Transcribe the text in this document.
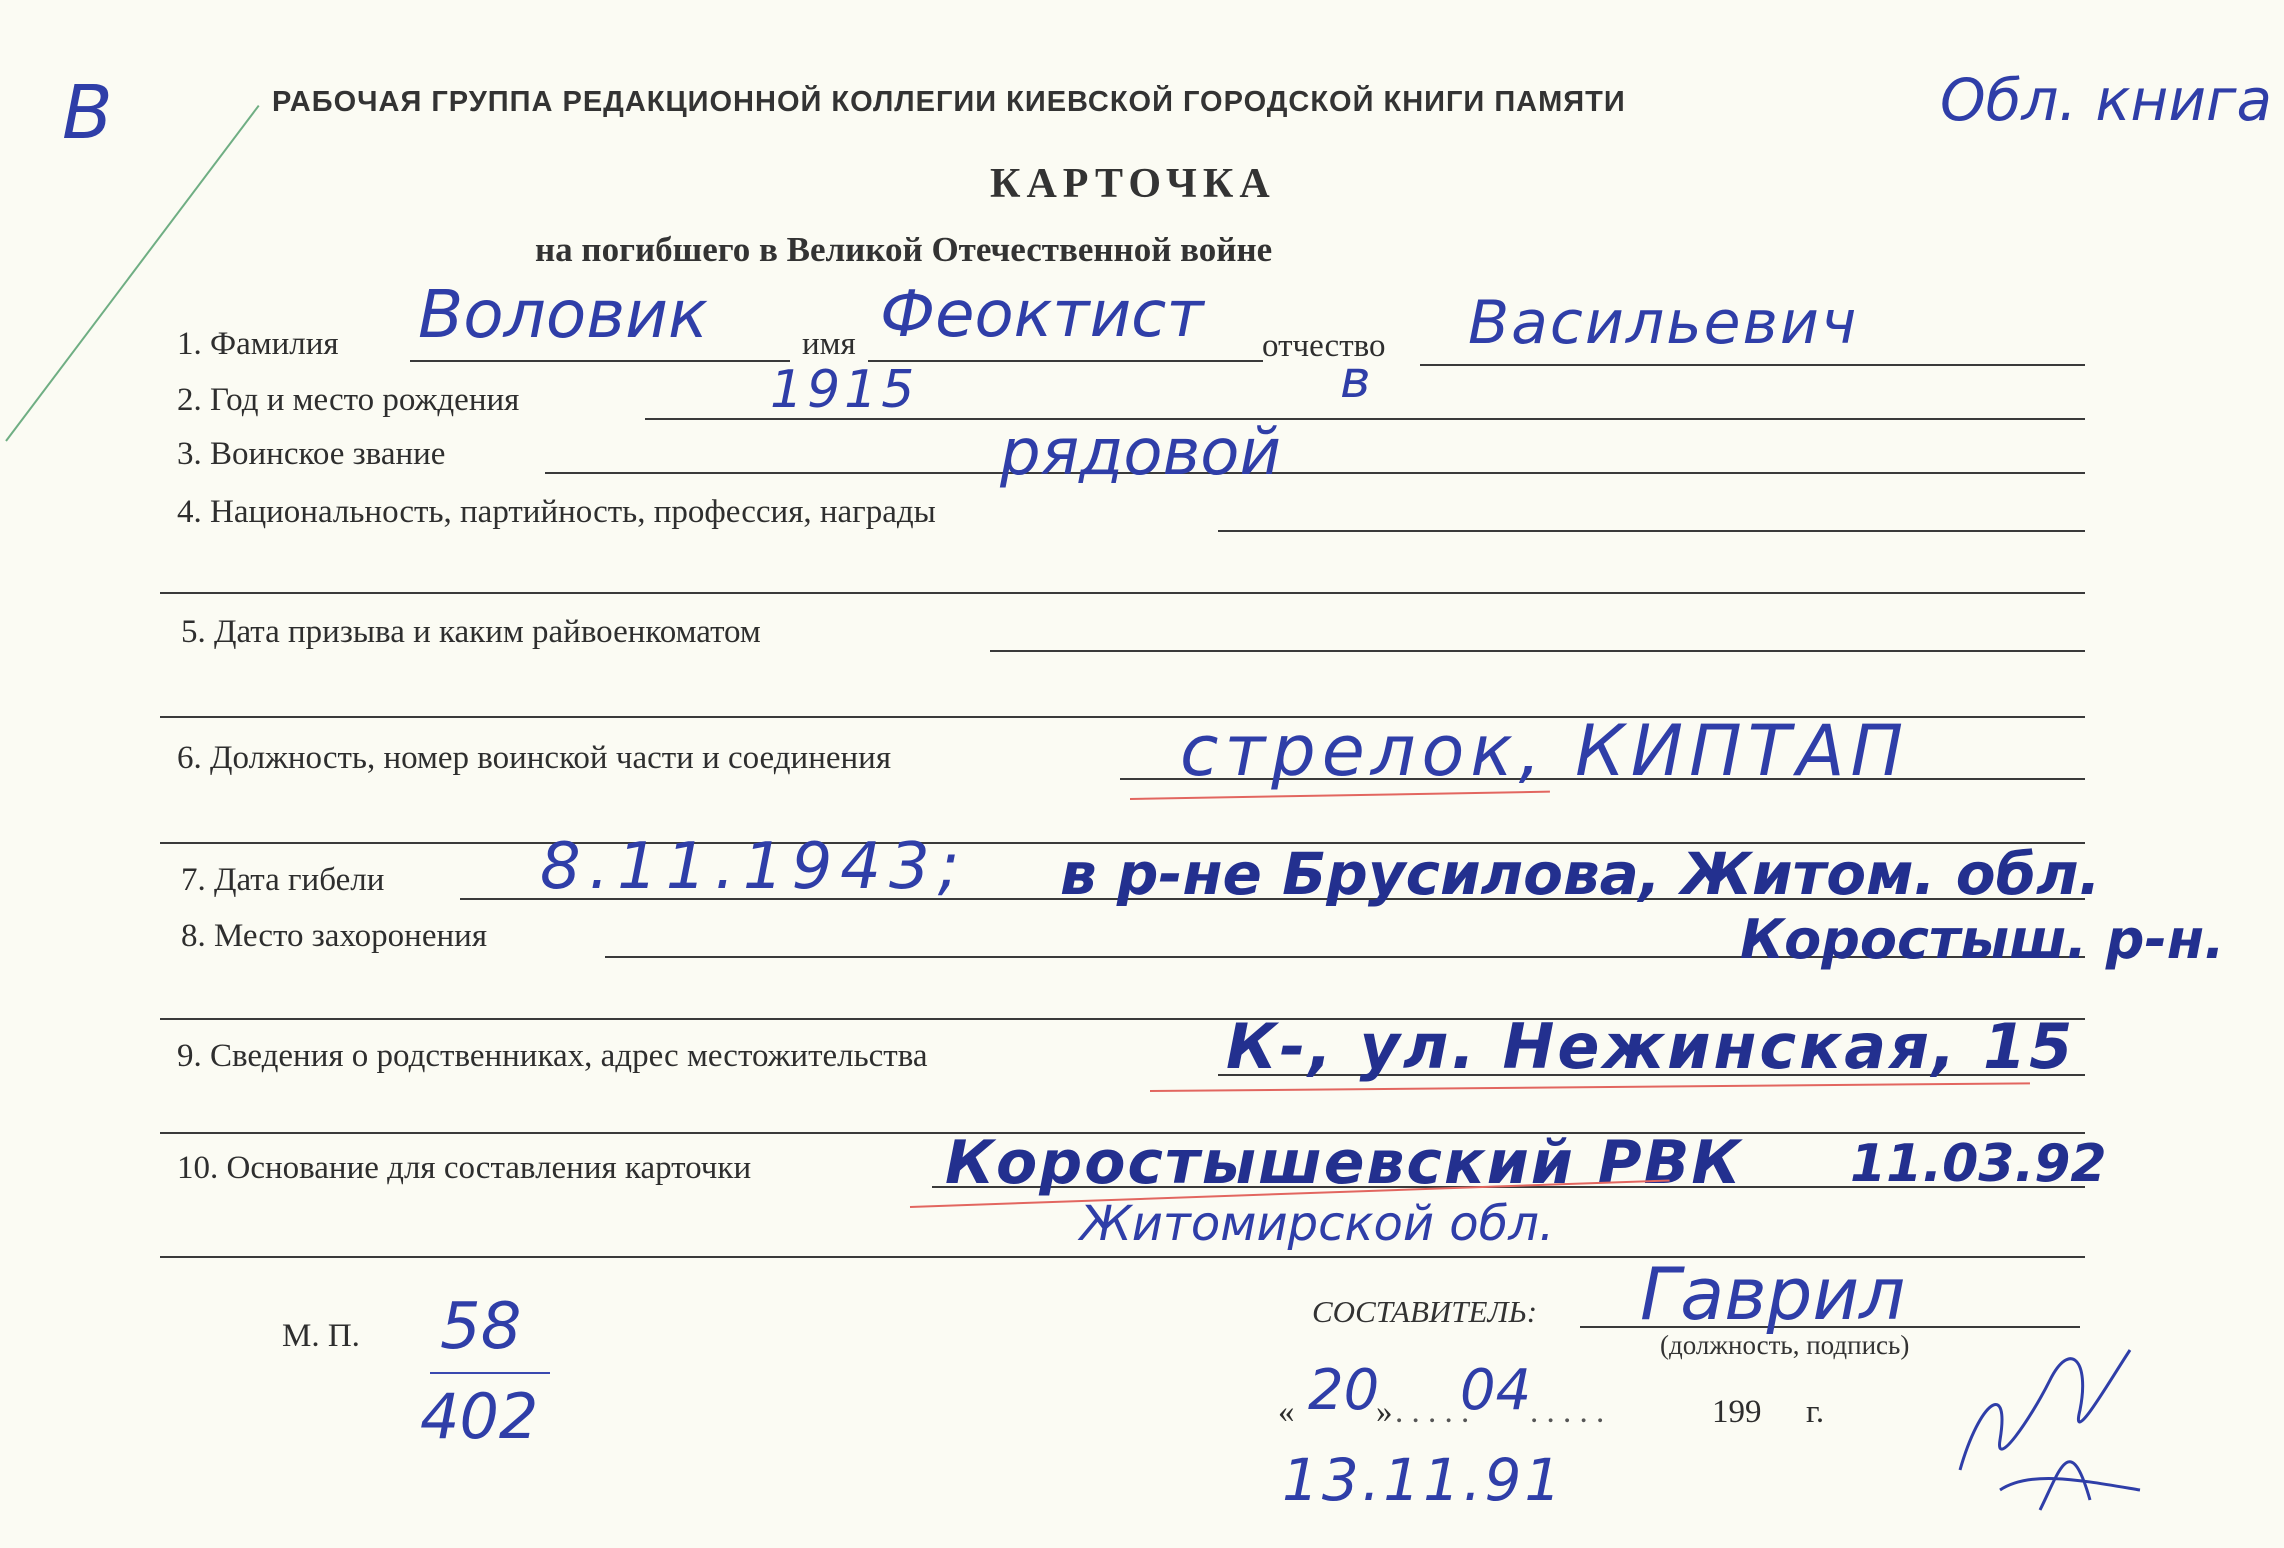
В	РАБОЧАЯ ГРУППА РЕДАКЦИОННОЙ КОЛЛЕГИИ КИЕВСКОЙ ГОРОДСКОЙ КНИГИ ПАМЯТИ	Обл. книга
КАРТОЧКА
на погибшего в Великой Отечественной войне
1. Фамилия Воловик	имя Феоктист отчество Васильевич
2. Год и место рождения	1915	в
3. Воинское звание	рядовой
4. Национальность, партийность, профессия, награды
5. Дата призыва и каким райвоенкоматом
6. Должность, номер воинской части и соединения	стрелок, КИПТАП
7. Дата гибели 8.11.1943; в р-не Брусилова, Житом. обл.
8. Место захоронения	Коростыш. р-н.
9. Сведения о родственниках, адрес местожительства	К-, ул. Нежинская, 15
10. Основание для составления карточки	Коростышевский РВК 11.03.92
Житомирской обл.
М. П. 58
402
СОСТАВИТЕЛЬ: Гаврил
(должность, подпись)
« 20
» . . . . .
04
. . . . .	199 г.
13.11.91
